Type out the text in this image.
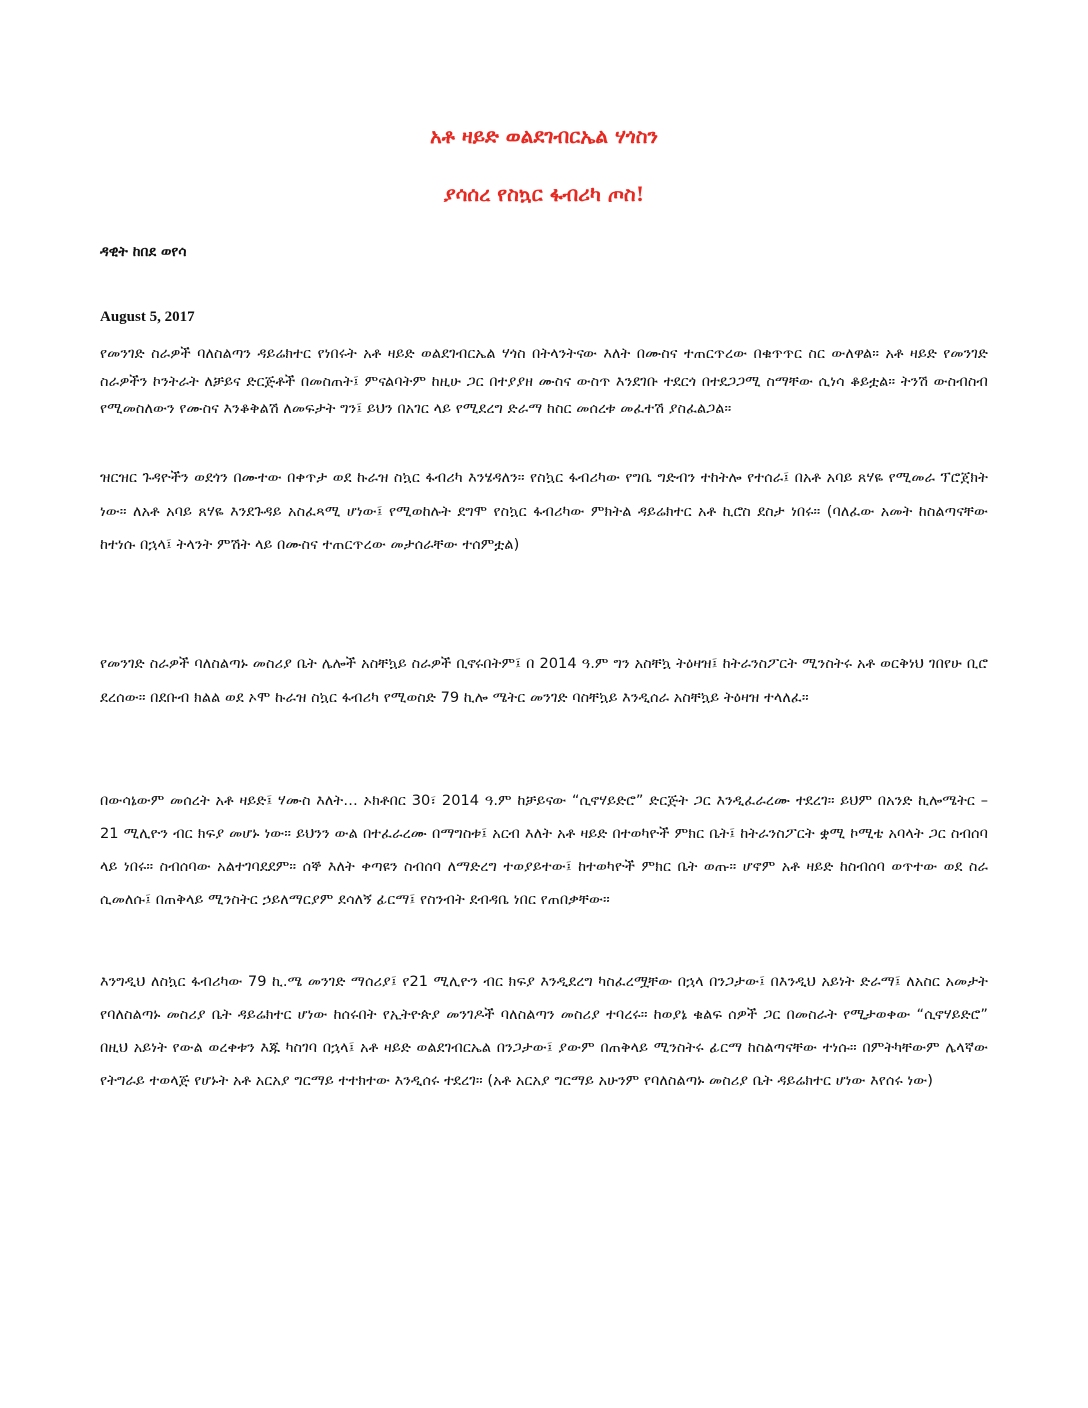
አቶ ዛይድ ወልደገብርኤል ሃጎስን
ያሳሰረ የስኳር ፋብሪካ ጦስ!

ዳዊት ከበደ ወየሳ

August 5, 2017

የመንገድ ስራዎች ባለስልጣን ዳይሬክተር የነበሩት አቶ ዛይድ ወልደገብርኤል ሃጎስ በትላንትናው እለት በሙስና ተጠርጥረው በቁጥጥር ስር ውለዋል። አቶ ዛይድ የመንገድ ስራዎችን ኮንትራት ለቻይና ድርጅቶች በመስጠት፤ ምናልባትም ከዚሁ ጋር በተያያዘ ሙስና ውስጥ እንደገቡ ተደርጎ በተደጋጋሚ ስማቸው ሲነሳ ቆይቷል። ትንሽ ውስብስብ የሚመስለውን የሙስና እንቆቅልሽ ለመፍታት ግን፤ ይህን በአገር ላይ የሚደረግ ድራማ ከስር መሰረቱ መፈተሽ ያስፈልጋል።

ዝርዝር ጉዳዮችን ወደጎን በሙተው በቀጥታ ወደ ኩራዝ ስኳር ፋብሪካ እንሄዳለን። የስኳር ፋብሪካው የግቤ ግድብን ተከትሎ የተሰራ፤ በአቶ አባይ ጸሃዬ የሚመራ ፕሮጀክት ነው። ለአቶ አባይ ጸሃዬ እንደጉዳይ አስፈጻሚ ሆነው፤ የሚወከሉት ደግሞ የስኳር ፋብሪካው ምክትል ዳይሬክተር አቶ ኪሮስ ደስታ ነበሩ። (ባለፈው አመት ከስልጣናቸው ከተነሱ በኋላ፤ ትላንት ምሽት ላይ በሙስና ተጠርጥረው መታሰራቸው ተሰምቷል)

የመንገድ ስራዎች ባለስልጣኑ መስሪያ ቤት ሌሎች አስቸኳይ ስራዎች ቢኖሩበትም፤ በ 2014 ዓ.ም ግን አስቸኳ ትዕዛዝ፤ ከትራንስፖርት ሚንስትሩ አቶ ወርቅነህ ገበየሁ ቢሮ ደረሰው። በደቡብ ክልል ወደ ኦሞ ኩራዝ ስኳር ፋብሪካ የሚወስድ 79 ኪሎ ሜትር መንገድ ባስቸኳይ እንዲሰራ አስቸኳይ ትዕዛዝ ተላለፈ።

በውሳኔውም መሰረት አቶ ዛይድ፤ ሃሙስ እለት… ኦክቶበር 30፣ 2014 ዓ.ም ከቻይናው “ሲኖሃይድሮ” ድርጅት ጋር እንዲፈራረሙ ተደረገ። ይህም በአንድ ኪሎሜትር – 21 ሚሊዮን ብር ክፍያ መሆኑ ነው። ይህንን ውል በተፈራረሙ በማግስቱ፤ አርብ እለት አቶ ዛይድ በተወካዮች ምክር ቤት፤ ከትራንስፖርት ቋሚ ኮሚቴ አባላት ጋር ስብሰባ ላይ ነበሩ። ስብሰባው አልተገባደደም። ሰኞ እለት ቀጣዩን ስብሰባ ለማድረግ ተወያይተው፤ ከተወካዮች ምክር ቤት ወጡ። ሆኖም አቶ ዛይድ ከስብሰባ ወጥተው ወደ ስራ ሲመለሱ፤ በጠቅላይ ሚንስትር ኃይለማርያም ደሳለኝ ፊርማ፤ የስንብት ደብዳቤ ነበር የጠበቃቸው።

እንግዲህ ለስኳር ፋብሪካው 79 ኪ.ሜ መንገድ ማሰሪያ፤ የ21 ሚሊዮን ብር ክፍያ እንዲደረግ ካስፈረሟቸው በኋላ በንጋታው፤ በእንዲህ አይነት ድራማ፤ ለአስር አመታት የባለስልጣኑ መስሪያ ቤት ዳይሬክተር ሆነው ከሰሩበት የኢትዮጵያ መንገዶች ባለስልጣን መስሪያ ተባረሩ። ከወያኔ ቁልፍ ሰዎች ጋር በመስራት የሚታወቀው “ሲኖሃይድሮ” በዚህ አይነት የውል ወረቀቱን እጁ ካስገባ በኋላ፤ አቶ ዛይድ ወልደገብርኤል በንጋታው፤ ያውም በጠቅላይ ሚንስትሩ ፊርማ ከስልጣናቸው ተነሱ። በምትካቸውም ሌላኛው የትግራይ ተወላጅ የሆኑት አቶ አርአያ ግርማይ ተተክተው እንዲሰሩ ተደረገ። (አቶ አርአያ ግርማይ አሁንም የባለስልጣኑ መስሪያ ቤት ዳይሬክተር ሆነው እየሰሩ ነው)
